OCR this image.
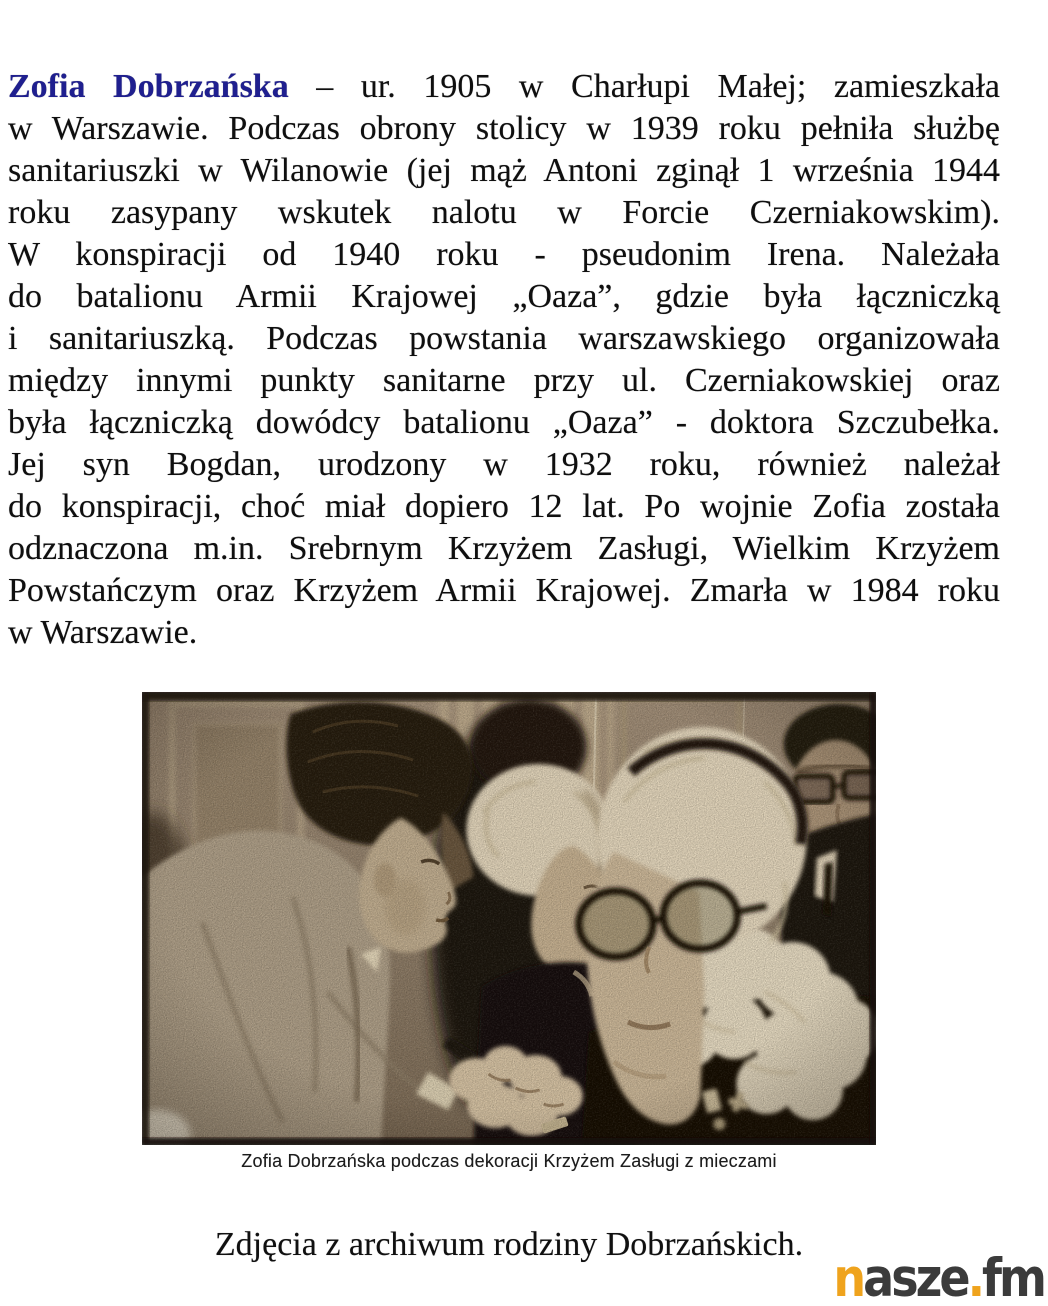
Zofia Dobrzańska – ur. 1905 w Charłupi Małej; zamieszkała
w Warszawie. Podczas obrony stolicy w 1939 roku pełniła służbę
sanitariuszki w Wilanowie (jej mąż Antoni zginął 1 września 1944
roku zasypany wskutek nalotu w Forcie Czerniakowskim).
W konspiracji od 1940 roku - pseudonim Irena. Należała
do batalionu Armii Krajowej „Oaza”, gdzie była łączniczką
i sanitariuszką. Podczas powstania warszawskiego organizowała
między innymi punkty sanitarne przy ul. Czerniakowskiej oraz
była łączniczką dowódcy batalionu „Oaza” - doktora Szczubełka.
Jej syn Bogdan, urodzony w 1932 roku, również należał
do konspiracji, choć miał dopiero 12 lat. Po wojnie Zofia została
odznaczona m.in. Srebrnym Krzyżem Zasługi, Wielkim Krzyżem
Powstańczym oraz Krzyżem Armii Krajowej. Zmarła w 1984 roku
w Warszawie.
Zofia Dobrzańska podczas dekoracji Krzyżem Zasługi z mieczami
Zdjęcia z archiwum rodziny Dobrzańskich.
nasze.fm
